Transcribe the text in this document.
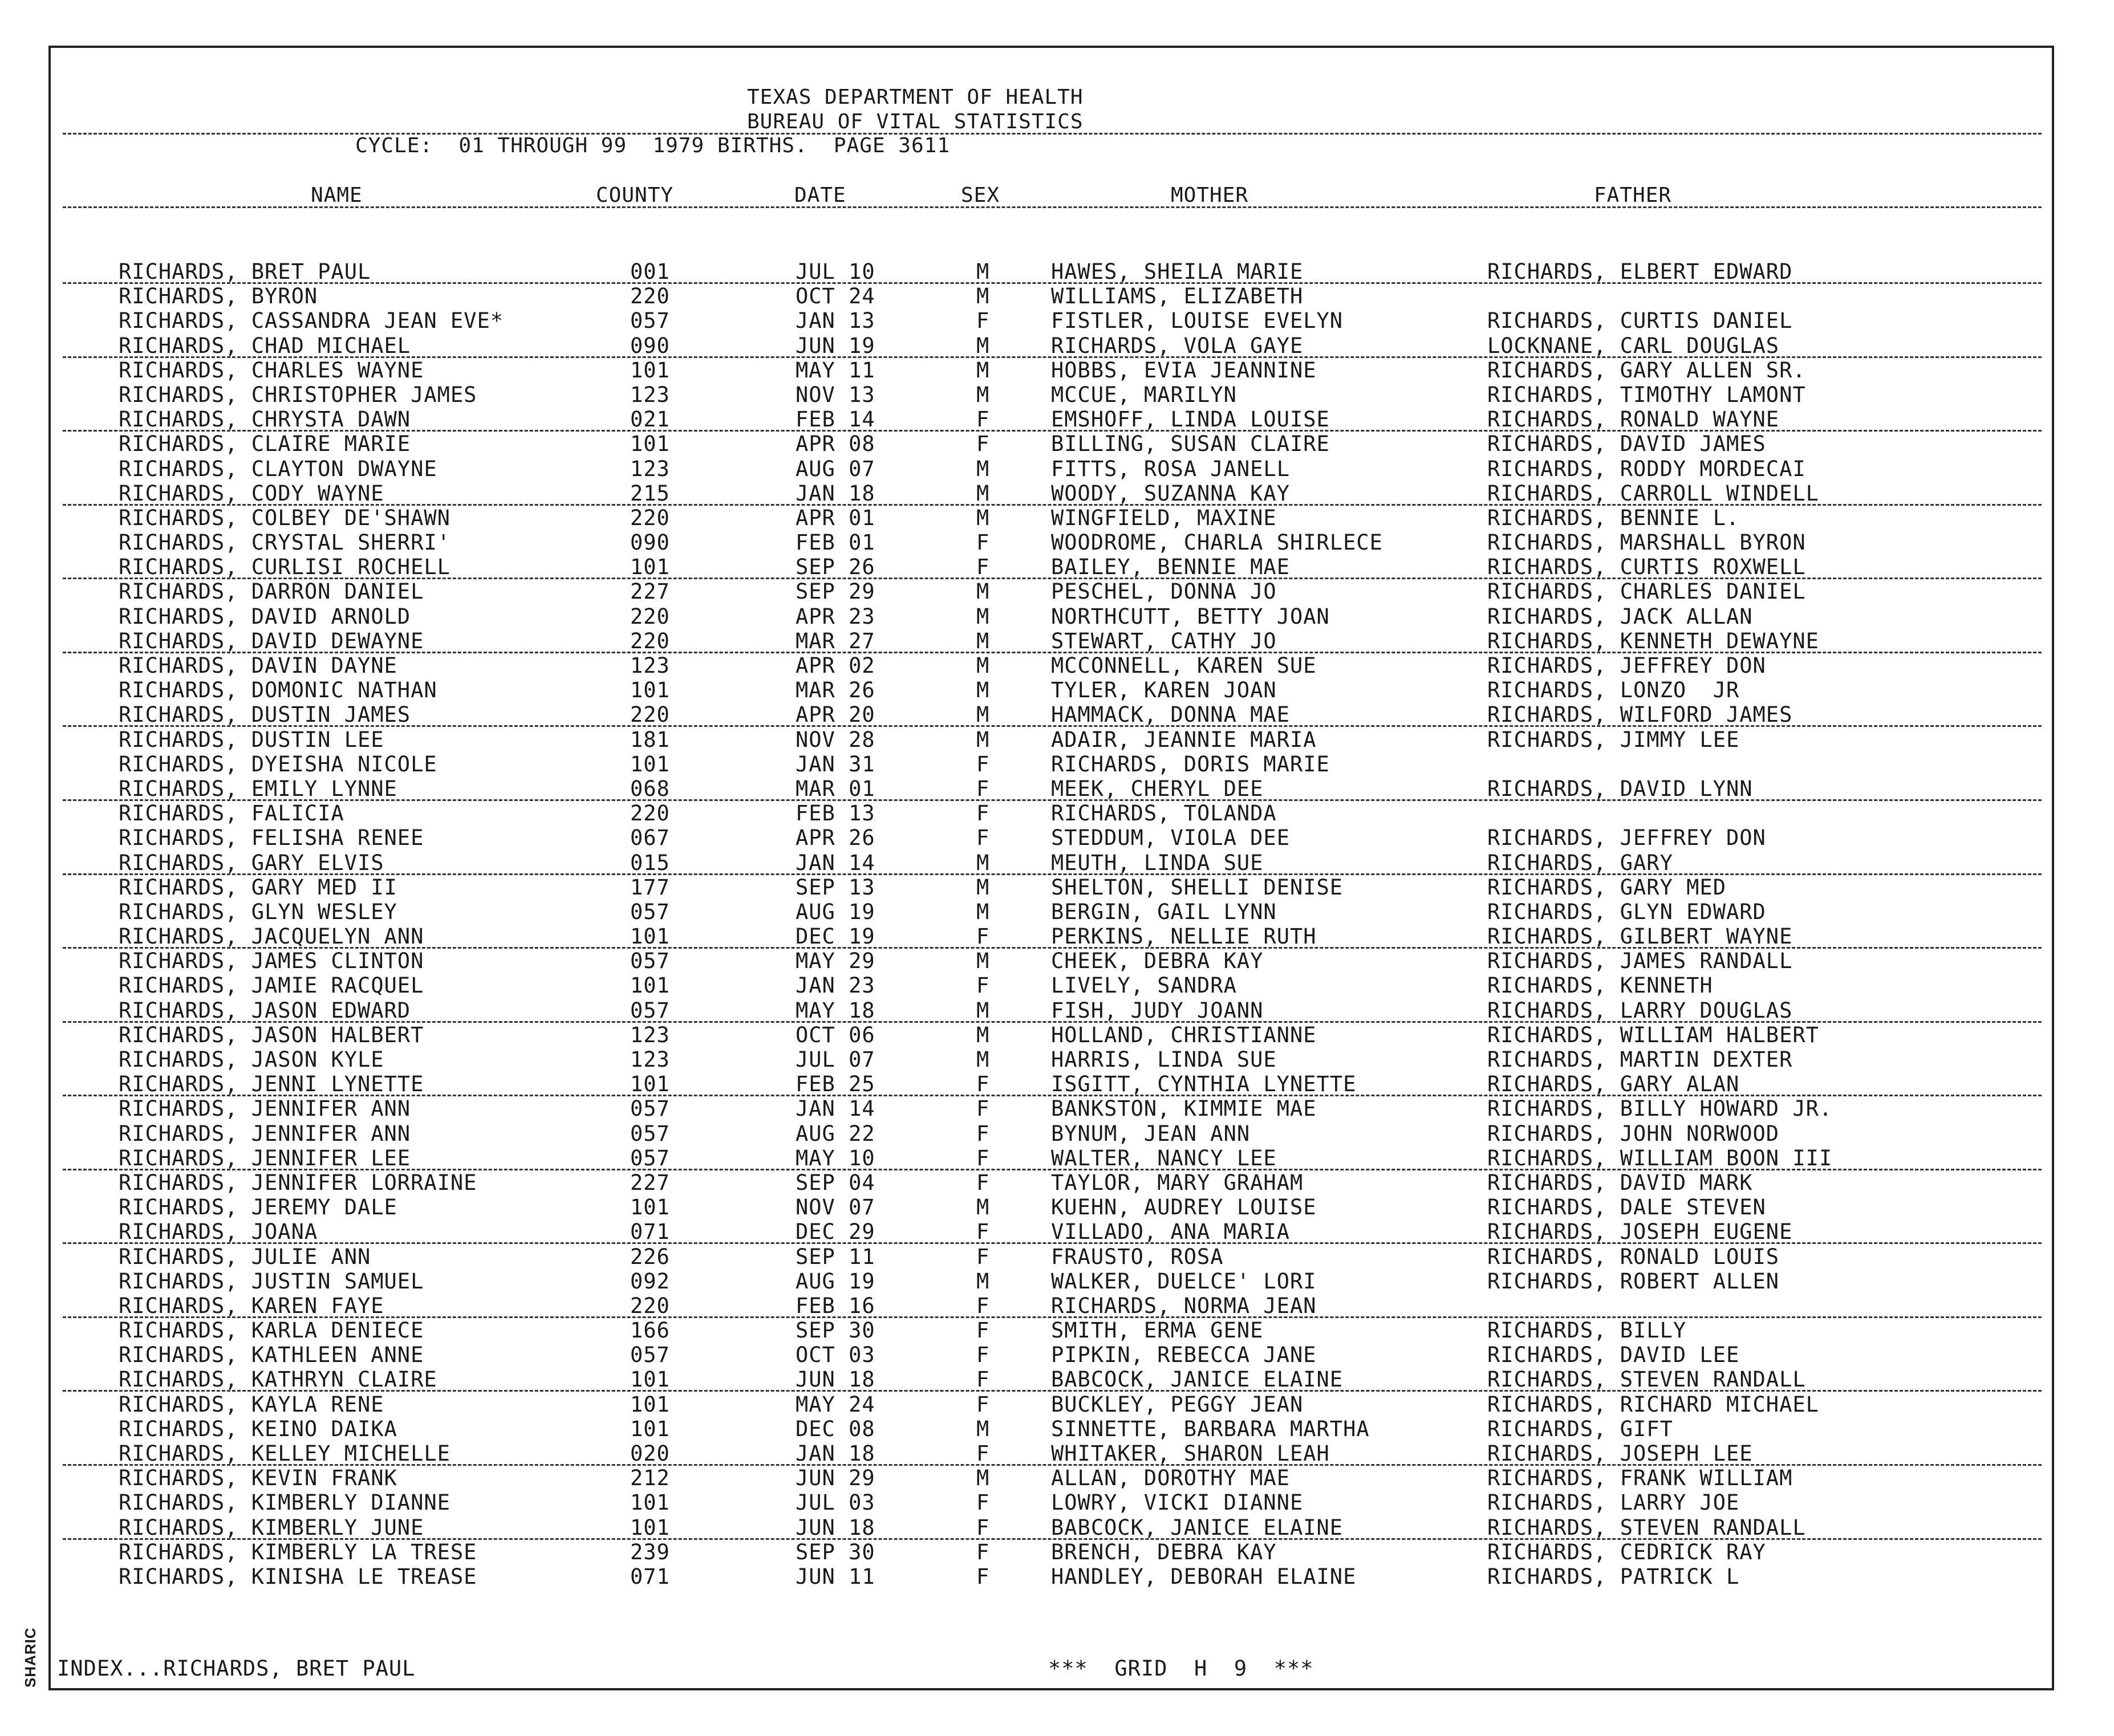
TEXAS DEPARTMENT OF HEALTH
BUREAU OF VITAL STATISTICS
CYCLE:  01 THROUGH 99  1979 BIRTHS.  PAGE 3611
NAME	COUNTY	DATE	SEX	MOTHER	FATHER
RICHARDS, BRET PAUL	001	JUL 10	M	HAWES, SHEILA MARIE	RICHARDS, ELBERT EDWARD
RICHARDS, BYRON	220	OCT 24	M	WILLIAMS, ELIZABETH
RICHARDS, CASSANDRA JEAN EVE*	057	JAN 13	F	FISTLER, LOUISE EVELYN	RICHARDS, CURTIS DANIEL
RICHARDS, CHAD MICHAEL	090	JUN 19	M	RICHARDS, VOLA GAYE	LOCKNANE, CARL DOUGLAS
RICHARDS, CHARLES WAYNE	101	MAY 11	M	HOBBS, EVIA JEANNINE	RICHARDS, GARY ALLEN SR.
RICHARDS, CHRISTOPHER JAMES	123	NOV 13	M	MCCUE, MARILYN	RICHARDS, TIMOTHY LAMONT
RICHARDS, CHRYSTA DAWN	021	FEB 14	F	EMSHOFF, LINDA LOUISE	RICHARDS, RONALD WAYNE
RICHARDS, CLAIRE MARIE	101	APR 08	F	BILLING, SUSAN CLAIRE	RICHARDS, DAVID JAMES
RICHARDS, CLAYTON DWAYNE	123	AUG 07	M	FITTS, ROSA JANELL	RICHARDS, RODDY MORDECAI
RICHARDS, CODY WAYNE	215	JAN 18	M	WOODY, SUZANNA KAY	RICHARDS, CARROLL WINDELL
RICHARDS, COLBEY DE'SHAWN	220	APR 01	M	WINGFIELD, MAXINE	RICHARDS, BENNIE L.
RICHARDS, CRYSTAL SHERRI'	090	FEB 01	F	WOODROME, CHARLA SHIRLECE	RICHARDS, MARSHALL BYRON
RICHARDS, CURLISI ROCHELL	101	SEP 26	F	BAILEY, BENNIE MAE	RICHARDS, CURTIS ROXWELL
RICHARDS, DARRON DANIEL	227	SEP 29	M	PESCHEL, DONNA JO	RICHARDS, CHARLES DANIEL
RICHARDS, DAVID ARNOLD	220	APR 23	M	NORTHCUTT, BETTY JOAN	RICHARDS, JACK ALLAN
RICHARDS, DAVID DEWAYNE	220	MAR 27	M	STEWART, CATHY JO	RICHARDS, KENNETH DEWAYNE
RICHARDS, DAVIN DAYNE	123	APR 02	M	MCCONNELL, KAREN SUE	RICHARDS, JEFFREY DON
RICHARDS, DOMONIC NATHAN	101	MAR 26	M	TYLER, KAREN JOAN	RICHARDS, LONZO  JR
RICHARDS, DUSTIN JAMES	220	APR 20	M	HAMMACK, DONNA MAE	RICHARDS, WILFORD JAMES
RICHARDS, DUSTIN LEE	181	NOV 28	M	ADAIR, JEANNIE MARIA	RICHARDS, JIMMY LEE
RICHARDS, DYEISHA NICOLE	101	JAN 31	F	RICHARDS, DORIS MARIE
RICHARDS, EMILY LYNNE	068	MAR 01	F	MEEK, CHERYL DEE	RICHARDS, DAVID LYNN
RICHARDS, FALICIA	220	FEB 13	F	RICHARDS, TOLANDA
RICHARDS, FELISHA RENEE	067	APR 26	F	STEDDUM, VIOLA DEE	RICHARDS, JEFFREY DON
RICHARDS, GARY ELVIS	015	JAN 14	M	MEUTH, LINDA SUE	RICHARDS, GARY
RICHARDS, GARY MED II	177	SEP 13	M	SHELTON, SHELLI DENISE	RICHARDS, GARY MED
RICHARDS, GLYN WESLEY	057	AUG 19	M	BERGIN, GAIL LYNN	RICHARDS, GLYN EDWARD
RICHARDS, JACQUELYN ANN	101	DEC 19	F	PERKINS, NELLIE RUTH	RICHARDS, GILBERT WAYNE
RICHARDS, JAMES CLINTON	057	MAY 29	M	CHEEK, DEBRA KAY	RICHARDS, JAMES RANDALL
RICHARDS, JAMIE RACQUEL	101	JAN 23	F	LIVELY, SANDRA	RICHARDS, KENNETH
RICHARDS, JASON EDWARD	057	MAY 18	M	FISH, JUDY JOANN	RICHARDS, LARRY DOUGLAS
RICHARDS, JASON HALBERT	123	OCT 06	M	HOLLAND, CHRISTIANNE	RICHARDS, WILLIAM HALBERT
RICHARDS, JASON KYLE	123	JUL 07	M	HARRIS, LINDA SUE	RICHARDS, MARTIN DEXTER
RICHARDS, JENNI LYNETTE	101	FEB 25	F	ISGITT, CYNTHIA LYNETTE	RICHARDS, GARY ALAN
RICHARDS, JENNIFER ANN	057	JAN 14	F	BANKSTON, KIMMIE MAE	RICHARDS, BILLY HOWARD JR.
RICHARDS, JENNIFER ANN	057	AUG 22	F	BYNUM, JEAN ANN	RICHARDS, JOHN NORWOOD
RICHARDS, JENNIFER LEE	057	MAY 10	F	WALTER, NANCY LEE	RICHARDS, WILLIAM BOON III
RICHARDS, JENNIFER LORRAINE	227	SEP 04	F	TAYLOR, MARY GRAHAM	RICHARDS, DAVID MARK
RICHARDS, JEREMY DALE	101	NOV 07	M	KUEHN, AUDREY LOUISE	RICHARDS, DALE STEVEN
RICHARDS, JOANA	071	DEC 29	F	VILLADO, ANA MARIA	RICHARDS, JOSEPH EUGENE
RICHARDS, JULIE ANN	226	SEP 11	F	FRAUSTO, ROSA	RICHARDS, RONALD LOUIS
RICHARDS, JUSTIN SAMUEL	092	AUG 19	M	WALKER, DUELCE' LORI	RICHARDS, ROBERT ALLEN
RICHARDS, KAREN FAYE	220	FEB 16	F	RICHARDS, NORMA JEAN
RICHARDS, KARLA DENIECE	166	SEP 30	F	SMITH, ERMA GENE	RICHARDS, BILLY
RICHARDS, KATHLEEN ANNE	057	OCT 03	F	PIPKIN, REBECCA JANE	RICHARDS, DAVID LEE
RICHARDS, KATHRYN CLAIRE	101	JUN 18	F	BABCOCK, JANICE ELAINE	RICHARDS, STEVEN RANDALL
RICHARDS, KAYLA RENE	101	MAY 24	F	BUCKLEY, PEGGY JEAN	RICHARDS, RICHARD MICHAEL
RICHARDS, KEINO DAIKA	101	DEC 08	M	SINNETTE, BARBARA MARTHA	RICHARDS, GIFT
RICHARDS, KELLEY MICHELLE	020	JAN 18	F	WHITAKER, SHARON LEAH	RICHARDS, JOSEPH LEE
RICHARDS, KEVIN FRANK	212	JUN 29	M	ALLAN, DOROTHY MAE	RICHARDS, FRANK WILLIAM
RICHARDS, KIMBERLY DIANNE	101	JUL 03	F	LOWRY, VICKI DIANNE	RICHARDS, LARRY JOE
RICHARDS, KIMBERLY JUNE	101	JUN 18	F	BABCOCK, JANICE ELAINE	RICHARDS, STEVEN RANDALL
RICHARDS, KIMBERLY LA TRESE	239	SEP 30	F	BRENCH, DEBRA KAY	RICHARDS, CEDRICK RAY
RICHARDS, KINISHA LE TREASE	071	JUN 11	F	HANDLEY, DEBORAH ELAINE	RICHARDS, PATRICK L
INDEX...RICHARDS, BRET PAUL	***  GRID  H  9  ***
SHARIC
